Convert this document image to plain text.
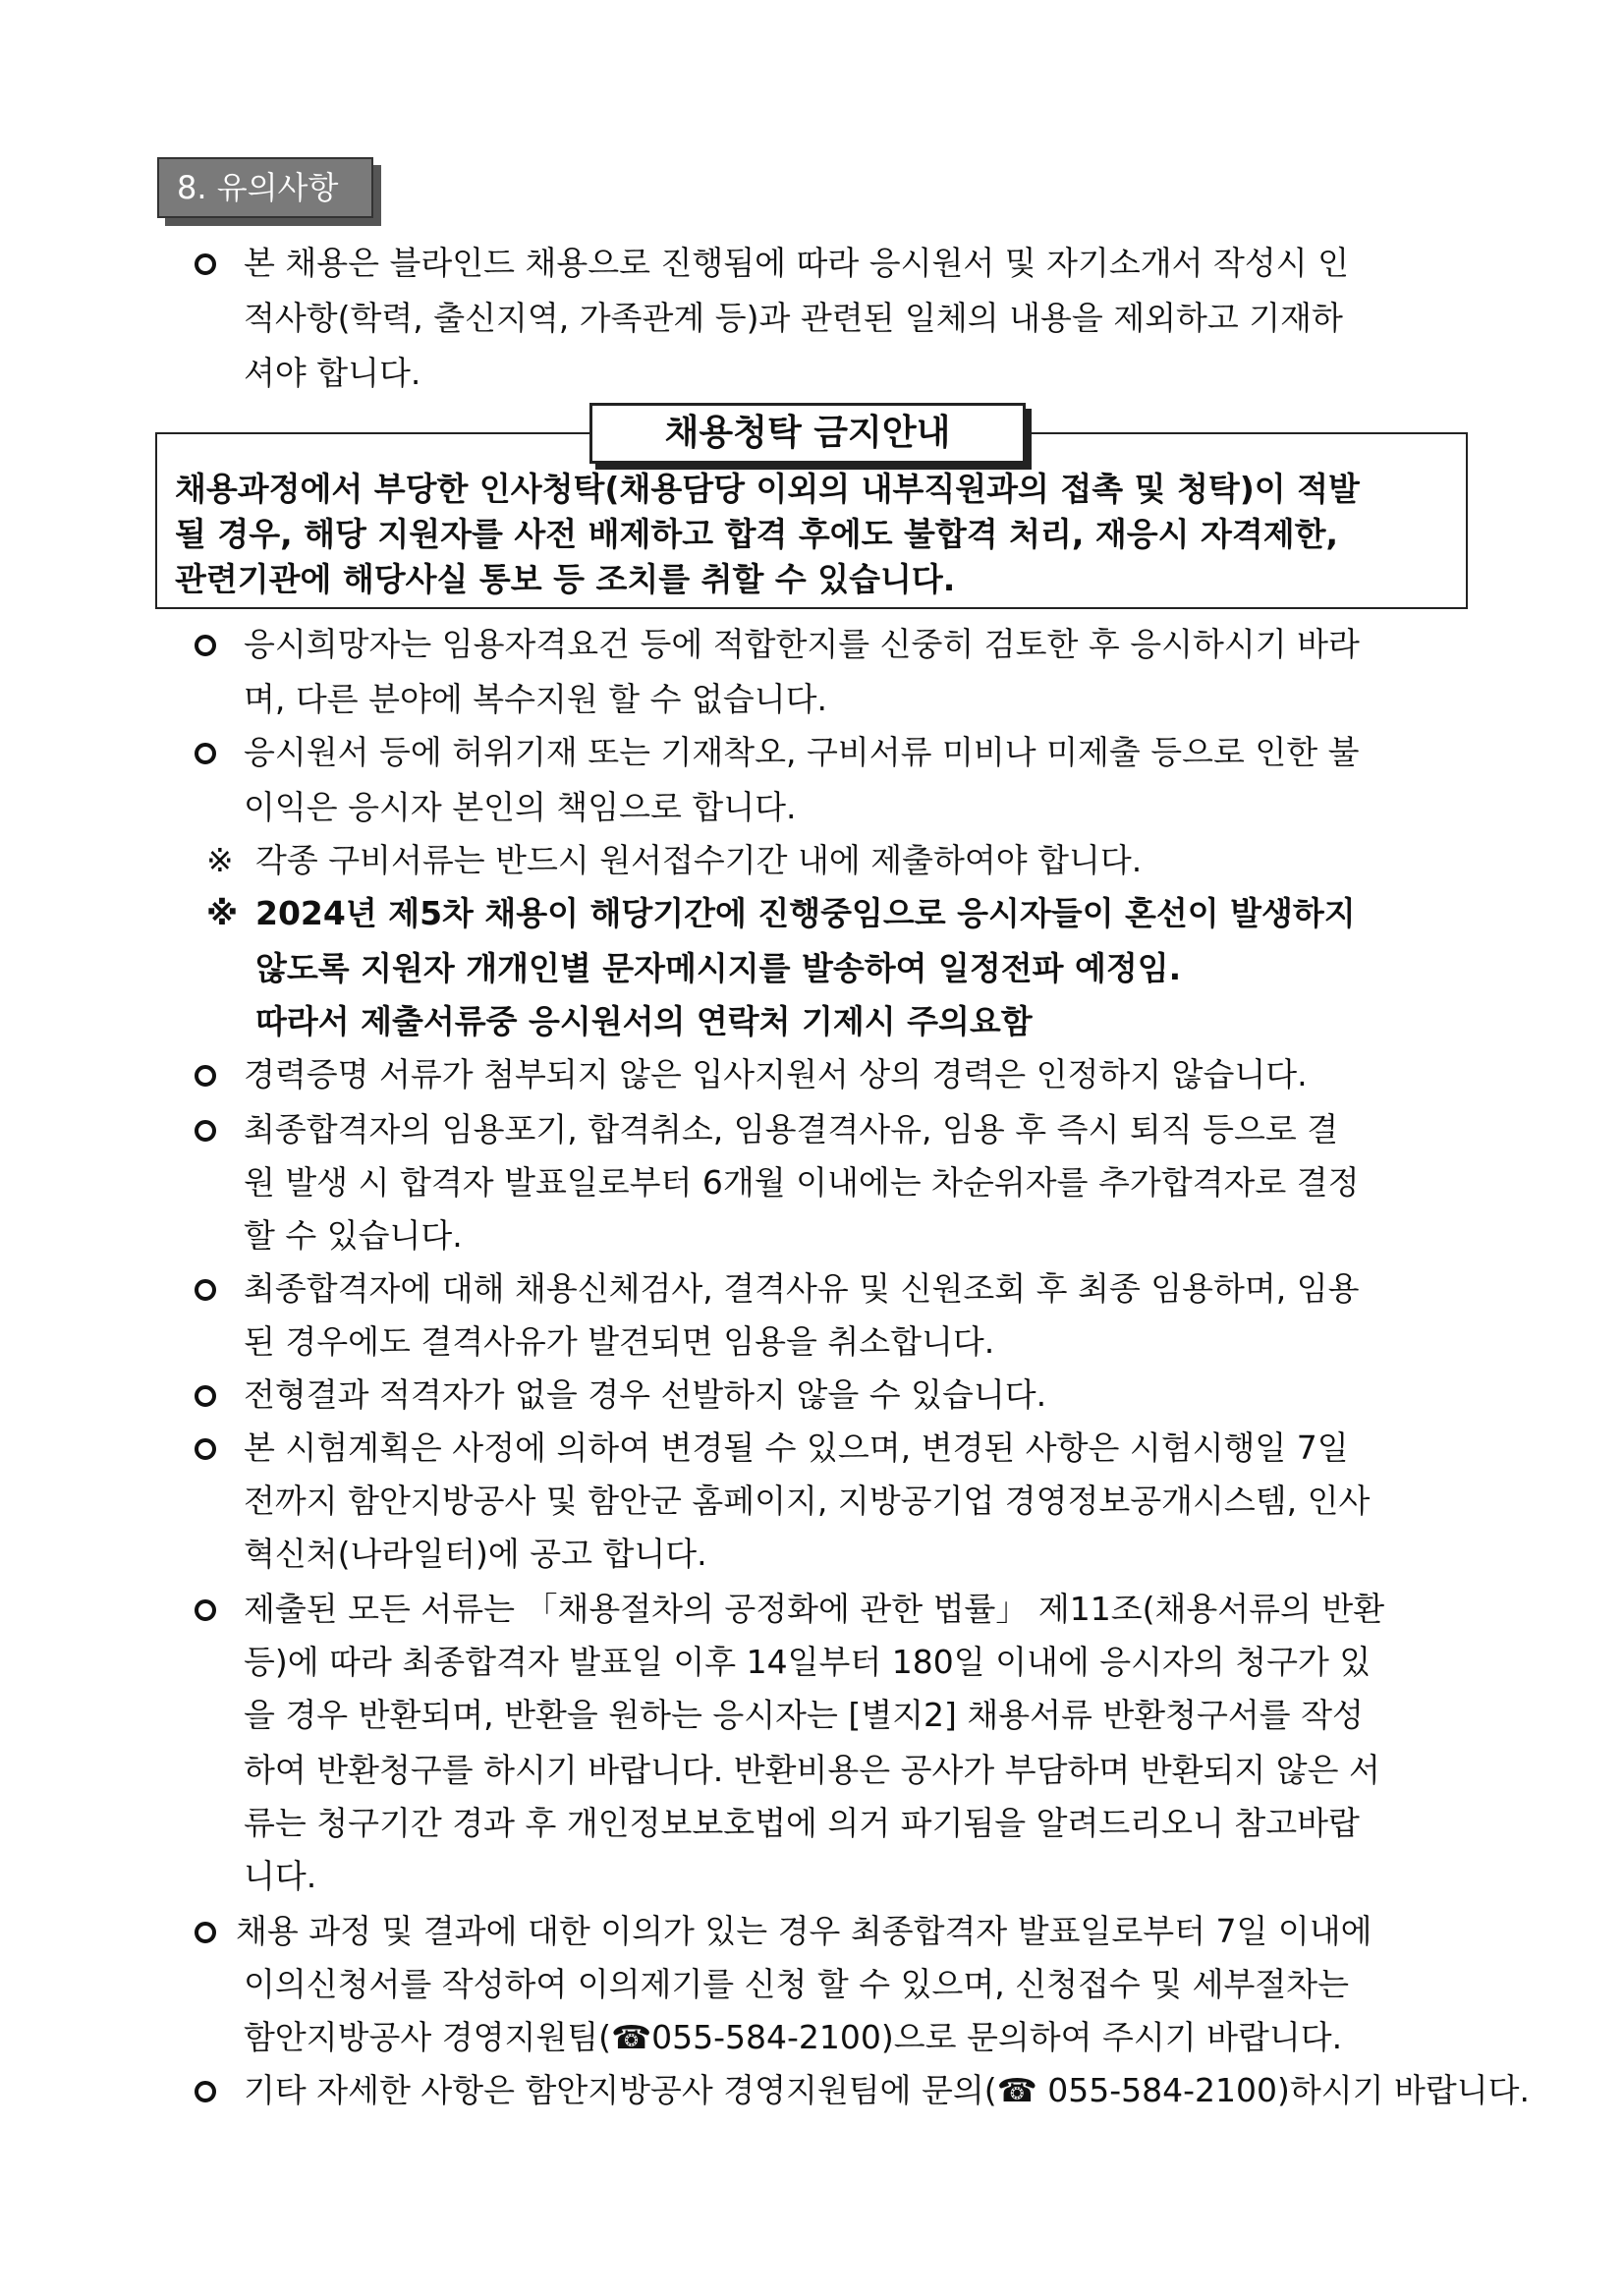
8. 유의사항
본 채용은 블라인드 채용으로 진행됨에 따라 응시원서 및 자기소개서 작성시 인
적사항(학력, 출신지역, 가족관계 등)과 관련된 일체의 내용을 제외하고 기재하
셔야 합니다.
채용청탁 금지안내
채용과정에서 부당한 인사청탁(채용담당 이외의 내부직원과의 접촉 및 청탁)이 적발
될 경우, 해당 지원자를 사전 배제하고 합격 후에도 불합격 처리, 재응시 자격제한,
관련기관에 해당사실 통보 등 조치를 취할 수 있습니다.
응시희망자는 임용자격요건 등에 적합한지를 신중히 검토한 후 응시하시기 바라
며, 다른 분야에 복수지원 할 수 없습니다.
응시원서 등에 허위기재 또는 기재착오, 구비서류 미비나 미제출 등으로 인한 불
이익은 응시자 본인의 책임으로 합니다.
※ 각종 구비서류는 반드시 원서접수기간 내에 제출하여야 합니다.
※ 2024년 제5차 채용이 해당기간에 진행중임으로 응시자들이 혼선이 발생하지
않도록 지원자 개개인별 문자메시지를 발송하여 일정전파 예정임.
따라서 제출서류중 응시원서의 연락처 기제시 주의요함
경력증명 서류가 첨부되지 않은 입사지원서 상의 경력은 인정하지 않습니다.
최종합격자의 임용포기, 합격취소, 임용결격사유, 임용 후 즉시 퇴직 등으로 결
원 발생 시 합격자 발표일로부터 6개월 이내에는 차순위자를 추가합격자로 결정
할 수 있습니다.
최종합격자에 대해 채용신체검사, 결격사유 및 신원조회 후 최종 임용하며, 임용
된 경우에도 결격사유가 발견되면 임용을 취소합니다.
전형결과 적격자가 없을 경우 선발하지 않을 수 있습니다.
본 시험계획은 사정에 의하여 변경될 수 있으며, 변경된 사항은 시험시행일 7일
전까지 함안지방공사 및 함안군 홈페이지, 지방공기업 경영정보공개시스템, 인사
혁신처(나라일터)에 공고 합니다.
제출된 모든 서류는 「채용절차의 공정화에 관한 법률」 제11조(채용서류의 반환
등)에 따라 최종합격자 발표일 이후 14일부터 180일 이내에 응시자의 청구가 있
을 경우 반환되며, 반환을 원하는 응시자는 [별지2] 채용서류 반환청구서를 작성
하여 반환청구를 하시기 바랍니다. 반환비용은 공사가 부담하며 반환되지 않은 서
류는 청구기간 경과 후 개인정보보호법에 의거 파기됨을 알려드리오니 참고바랍
니다.
채용 과정 및 결과에 대한 이의가 있는 경우 최종합격자 발표일로부터 7일 이내에
이의신청서를 작성하여 이의제기를 신청 할 수 있으며, 신청접수 및 세부절차는
함안지방공사 경영지원팀(☎055-584-2100)으로 문의하여 주시기 바랍니다.
기타 자세한 사항은 함안지방공사 경영지원팀에 문의(☎ 055-584-2100)하시기 바랍니다.
